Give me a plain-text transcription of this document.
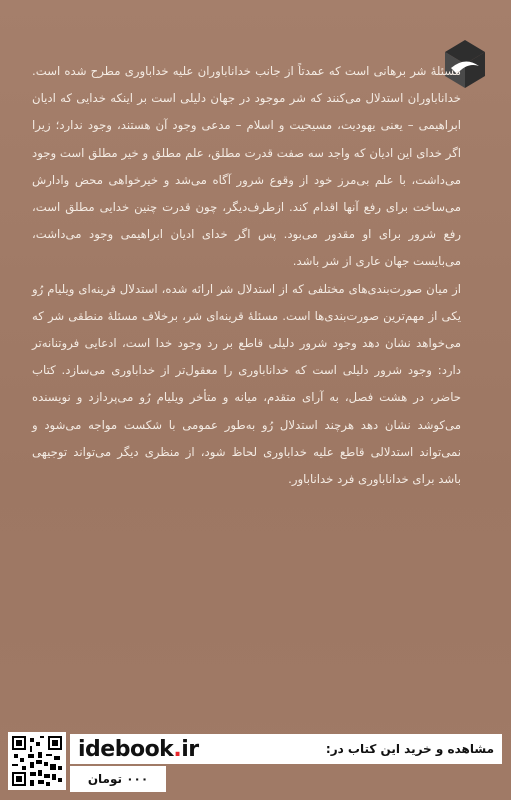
مسئلهٔ شر برهانی است که عمدتاً از جانب خداناباوران علیه خداباوری مطرح شده است. خداناباوران استدلال می‌کنند که شر موجود در جهان دلیلی است بر اینکه خدایی که ادیان ابراهیمی – یعنی یهودیت، مسیحیت و اسلام – مدعی وجود آن هستند، وجود ندارد؛ زیرا اگر خدای این ادیان که واجد سه صفت قدرت مطلق، علم مطلق و خیر مطلق است وجود می‌داشت، با علم بی‌مرز خود از وقوع شرور آگاه می‌شد و خیرخواهی محض وادارش می‌ساخت برای رفع آنها اقدام کند. ازطرف‌دیگر، چون قدرت چنین خدایی مطلق است، رفع شرور برای او مقدور می‌بود. پس اگر خدای ادیان ابراهیمی وجود می‌داشت، می‌بایست جهان عاری از شر باشد.

از میان صورت‌بندی‌های مختلفی که از استدلال شر ارائه شده، استدلال قرینه‌ای ویلیام رُو یکی از مهم‌ترین صورت‌بندی‌ها است. مسئلهٔ قرینه‌ای شر، برخلاف مسئلهٔ منطقی شر که می‌خواهد نشان دهد وجود شرور دلیلی قاطع بر رد وجود خدا است، ادعایی فروتنانه‌تر دارد: وجود شرور دلیلی است که خداناباوری را معقول‌تر از خداباوری می‌سازد. کتاب حاضر، در هشت فصل، به آرای متقدم، میانه و متأخر ویلیام رُو می‌پردازد و نویسنده می‌کوشد نشان دهد هرچند استدلال رُو به‌طور عمومی با شکست مواجه می‌شود و نمی‌تواند استدلالی قاطع علیه خداباوری لحاظ شود، از منظری دیگر می‌تواند توجیهی باشد برای خداناباوری فرد خداناباور.

idebook.ir	مشاهده و خرید این کتاب در:
۰۰۰ تومان
